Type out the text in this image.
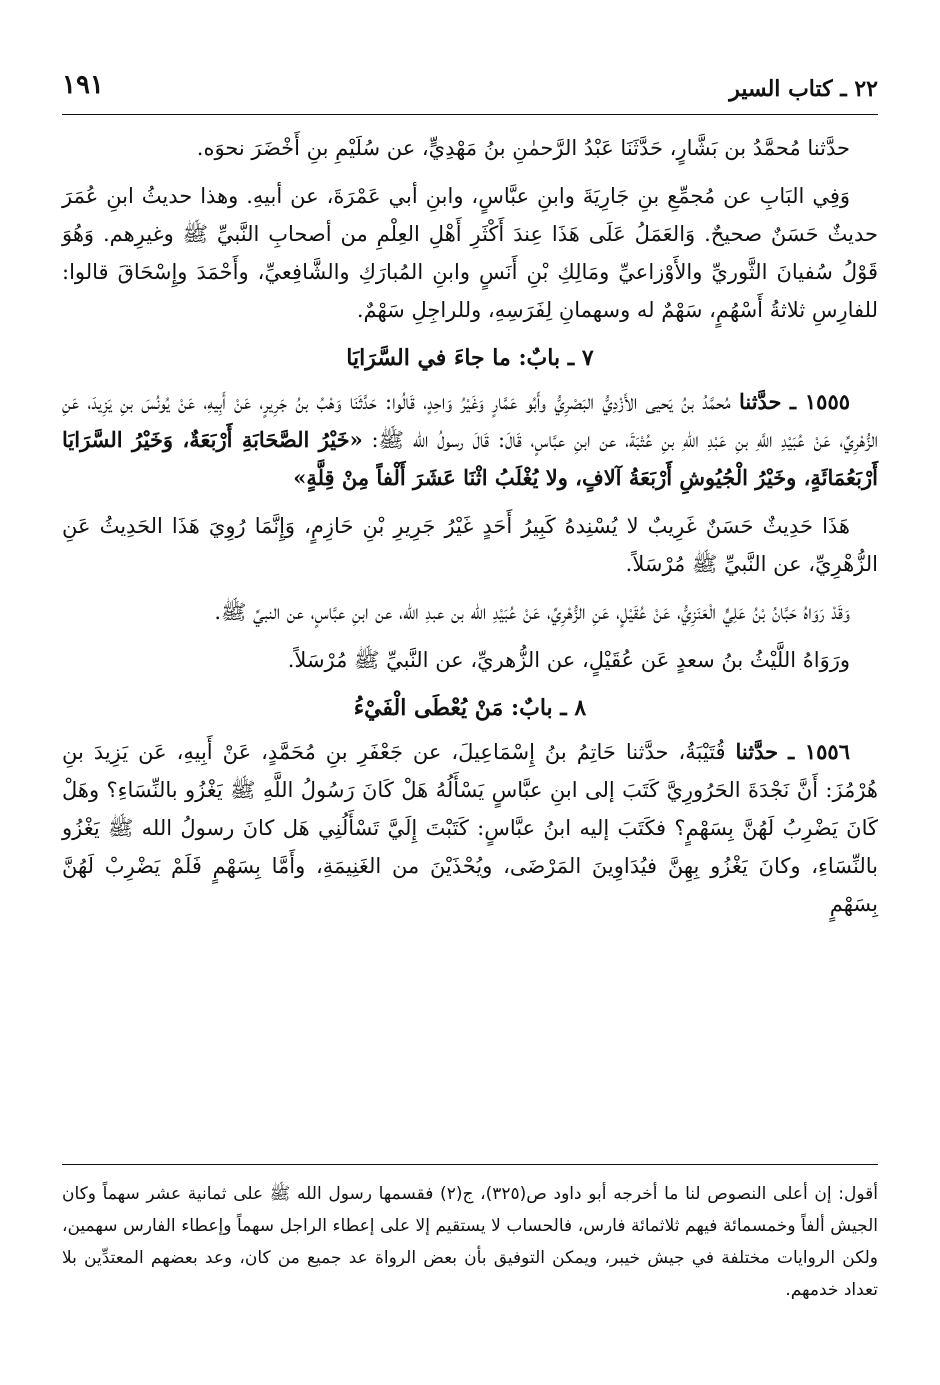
٢٢ ـ كتاب السير
١٩١

حدَّثنا مُحمَّدُ بن بَشَّارٍ، حَدَّثَنَا عَبْدُ الرَّحمٰنِ بنُ مَهْدِيٍّ، عن سُلَيْمِ بنِ أَخْضَرَ نحوَه.

وَفِي البَابِ عن مُجمِّعِ بنِ جَارِيَةَ وابنِ عبَّاسٍ، وابنِ أبي عَمْرَةَ، عن أبيهِ. وهذا حديثُ ابنِ عُمَرَ حديثٌ حَسَنٌ صحيحٌ. وَالعَمَلُ عَلَى هَذَا عِندَ أَكْثَرِ أَهْلِ العِلْمِ من أصحابِ النَّبيِّ ﷺ وغيرِهم. وَهُوَ قَوْلُ سُفيانَ الثَّوريِّ والأَوْزاعيِّ ومَالِكِ بْنِ أَنَسٍ وابنِ المُبارَكِ والشَّافِعيِّ، وأَحْمَدَ وإِسْحَاقَ قالوا: للفارِسِ ثلاثةُ أَسْهُمٍ، سَهْمٌ له وسهمانِ لِفَرَسِهِ، وللراجِلِ سَهْمٌ.

٧ ـ بابٌ: ما جاءَ في السَّرَايَا

١٥٥٥ ـ حدَّثنا مُحمَّدُ بنُ يَحيى الأَزْدِيُّ البَصْرِيُّ وأَبُو عَمَّارٍ وَغَيْرُ وَاحِدٍ، قَالُوا: حَدَّثَنَا وَهْبُ بنُ جَرِيرٍ، عَنْ أَبِيهِ، عَنْ يُونُسَ بنِ يَزِيدَ، عَنِ الزُّهْرِيِّ، عَنْ عُبَيْدِ اللَّهِ بنِ عَبْدِ اللهِ بنِ عُتْبَةَ، عن ابنِ عبَّاسٍ، قَالَ: قَالَ رسولُ الله ﷺ: «خَيْرُ الصَّحَابَةِ أَرْبَعَةٌ، وَخَيْرُ السَّرَايَا أَرْبَعُمَائَةٍ، وخَيْرُ الْجُيُوشِ أَرْبَعَةُ آلافٍ، ولا يُغْلَبُ اثْنَا عَشَرَ أَلْفاً مِنْ قِلَّةٍ»

هَذَا حَدِيثٌ حَسَنٌ غَرِيبٌ لا يُسْنِدهُ كَبِيرُ أَحَدٍ غَيْرُ جَرِيرِ بْنِ حَازِمٍ، وَإِنَّمَا رُوِيَ هَذَا الحَدِيثُ عَنِ الزُّهْرِيِّ، عن النَّبيِّ ﷺ مُرْسَلاً.

وَقَدْ رَوَاهُ حَبَّانُ بْنُ عَلِيٍّ الْعَنَزِيُّ، عَنْ عُقَيْلٍ، عَنِ الزُّهْرِيِّ، عَنْ عُبَيْدِ الله بن عبدِ الله، عن ابنِ عبَّاسٍ، عن النبيِّ ﷺ.

ورَوَاهُ اللَّيْثُ بنُ سعدٍ عَن عُقَيْلٍ، عن الزُّهريِّ، عن النَّبيِّ ﷺ مُرْسَلاً.

٨ ـ بابٌ: مَنْ يُعْطَى الْفَيْءُ

١٥٥٦ ـ حدَّثنا قُتَيْبَةُ، حدَّثنا حَاتِمُ بنُ إِسْمَاعِيلَ، عن جَعْفَرِ بنِ مُحَمَّدٍ، عَنْ أَبِيهِ، عَن يَزِيدَ بنِ هُرْمُزَ: أَنَّ نَجْدَةَ الحَرُورِيَّ كَتَبَ إلى ابنِ عبَّاسٍ يَسْأَلُهُ هَلْ كَانَ رَسُولُ اللَّهِ ﷺ يَغْزُو بالنِّسَاءِ؟ وهَلْ كَانَ يَضْرِبُ لَهُنَّ بِسَهْمٍ؟ فكَتَبَ إليه ابنُ عبَّاسٍ: كَتَبْتَ إِلَيَّ تَسْأَلُنِي هَل كانَ رسولُ الله ﷺ يَغْزُو بالنِّسَاءِ، وكانَ يَغْزُو بِهِنَّ فيُدَاوِينَ المَرْضَى، ويُحْذَيْنَ من الغَنِيمَةِ، وأَمَّا بِسَهْمٍ فَلَمْ يَضْرِبْ لَهُنَّ بِسَهْمٍ

أقول: إن أعلى النصوص لنا ما أخرجه أبو داود ص(٣٢٥)، ج(٢) فقسمها رسول الله ﷺ على ثمانية عشر سهماً وكان الجيش ألفاً وخمسمائة فيهم ثلاثمائة فارس، فالحساب لا يستقيم إلا على إعطاء الراجل سهماً وإعطاء الفارس سهمين، ولكن الروايات مختلفة في جيش خيبر، ويمكن التوفيق بأن بعض الرواة عد جميع من كان، وعد بعضهم المعتدِّين بلا تعداد خدمهم.
